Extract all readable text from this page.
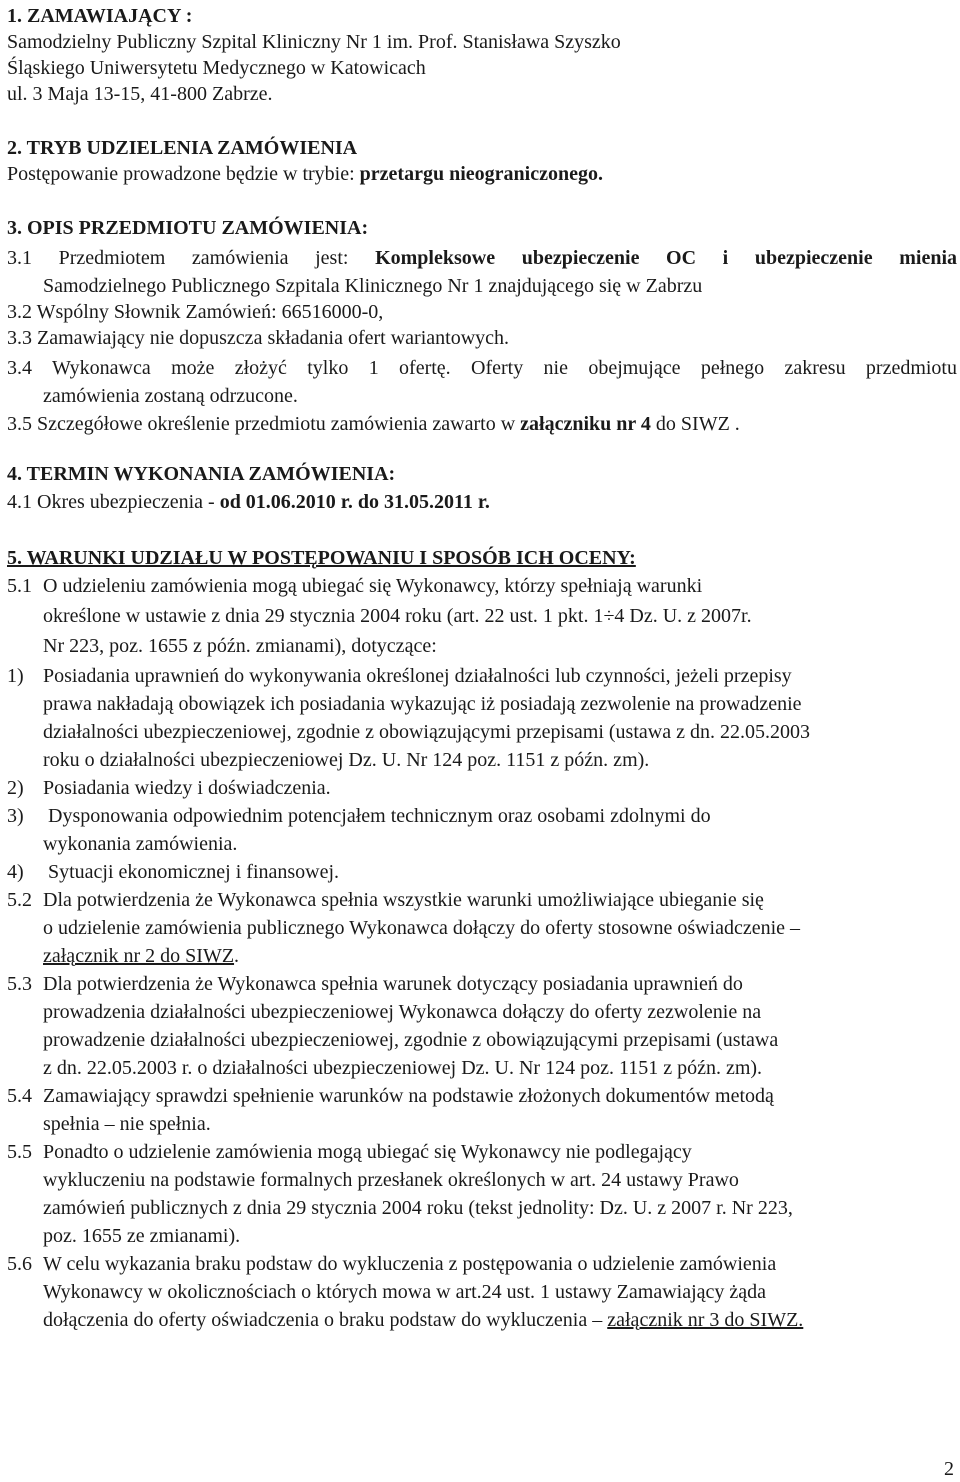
1. ZAMAWIAJĄCY :
Samodzielny Publiczny Szpital Kliniczny Nr 1 im. Prof. Stanisława Szyszko
Śląskiego Uniwersytetu Medycznego w Katowicach
ul. 3 Maja 13-15, 41-800 Zabrze.
2. TRYB UDZIELENIA ZAMÓWIENIA
Postępowanie prowadzone będzie w trybie: przetargu nieograniczonego.
3. OPIS PRZEDMIOTU ZAMÓWIENIA:
3.1 Przedmiotem zamówienia jest: Kompleksowe ubezpieczenie OC i ubezpieczenie mienia
Samodzielnego Publicznego Szpitala Klinicznego Nr 1 znajdującego się w Zabrzu
3.2 Wspólny Słownik Zamówień: 66516000-0,
3.3 Zamawiający nie dopuszcza składania ofert wariantowych.
3.4 Wykonawca może złożyć tylko 1 ofertę. Oferty nie obejmujące pełnego zakresu przedmiotu
zamówienia zostaną odrzucone.
3.5 Szczegółowe określenie przedmiotu zamówienia zawarto w załączniku nr 4 do SIWZ .
4. TERMIN WYKONANIA ZAMÓWIENIA:
4.1 Okres ubezpieczenia - od 01.06.2010 r. do 31.05.2011 r.
5. WARUNKI UDZIAŁU W POSTĘPOWANIU I SPOSÓB ICH OCENY:
5.1 O udzieleniu zamówienia mogą ubiegać się Wykonawcy, którzy spełniają warunki
określone w ustawie z dnia 29 stycznia 2004 roku (art. 22 ust. 1 pkt. 1÷4 Dz. U. z 2007r.
Nr 223, poz. 1655 z późn. zmianami), dotyczące:
1) Posiadania uprawnień do wykonywania określonej działalności lub czynności, jeżeli przepisy
prawa nakładają obowiązek ich posiadania wykazując iż posiadają zezwolenie na prowadzenie
działalności ubezpieczeniowej, zgodnie z obowiązującymi przepisami (ustawa z dn. 22.05.2003
roku o działalności ubezpieczeniowej Dz. U. Nr 124 poz. 1151 z późn. zm).
2) Posiadania wiedzy i doświadczenia.
3) Dysponowania odpowiednim potencjałem technicznym oraz osobami zdolnymi do
wykonania zamówienia.
4) Sytuacji ekonomicznej i finansowej.
5.2 Dla potwierdzenia że Wykonawca spełnia wszystkie warunki umożliwiające ubieganie się
o udzielenie zamówienia publicznego Wykonawca dołączy do oferty stosowne oświadczenie –
załącznik nr 2 do SIWZ.
5.3 Dla potwierdzenia że Wykonawca spełnia warunek dotyczący posiadania uprawnień do
prowadzenia działalności ubezpieczeniowej Wykonawca dołączy do oferty zezwolenie na
prowadzenie działalności ubezpieczeniowej, zgodnie z obowiązującymi przepisami (ustawa
z dn. 22.05.2003 r. o działalności ubezpieczeniowej Dz. U. Nr 124 poz. 1151 z późn. zm).
5.4 Zamawiający sprawdzi spełnienie warunków na podstawie złożonych dokumentów metodą
spełnia – nie spełnia.
5.5 Ponadto o udzielenie zamówienia mogą ubiegać się Wykonawcy nie podlegający
wykluczeniu na podstawie formalnych przesłanek określonych w art. 24 ustawy Prawo
zamówień publicznych z dnia 29 stycznia 2004 roku (tekst jednolity: Dz. U. z 2007 r. Nr 223,
poz. 1655 ze zmianami).
5.6 W celu wykazania braku podstaw do wykluczenia z postępowania o udzielenie zamówienia
Wykonawcy w okolicznościach o których mowa w art.24 ust. 1 ustawy Zamawiający żąda
dołączenia do oferty oświadczenia o braku podstaw do wykluczenia – załącznik nr 3 do SIWZ.
2
